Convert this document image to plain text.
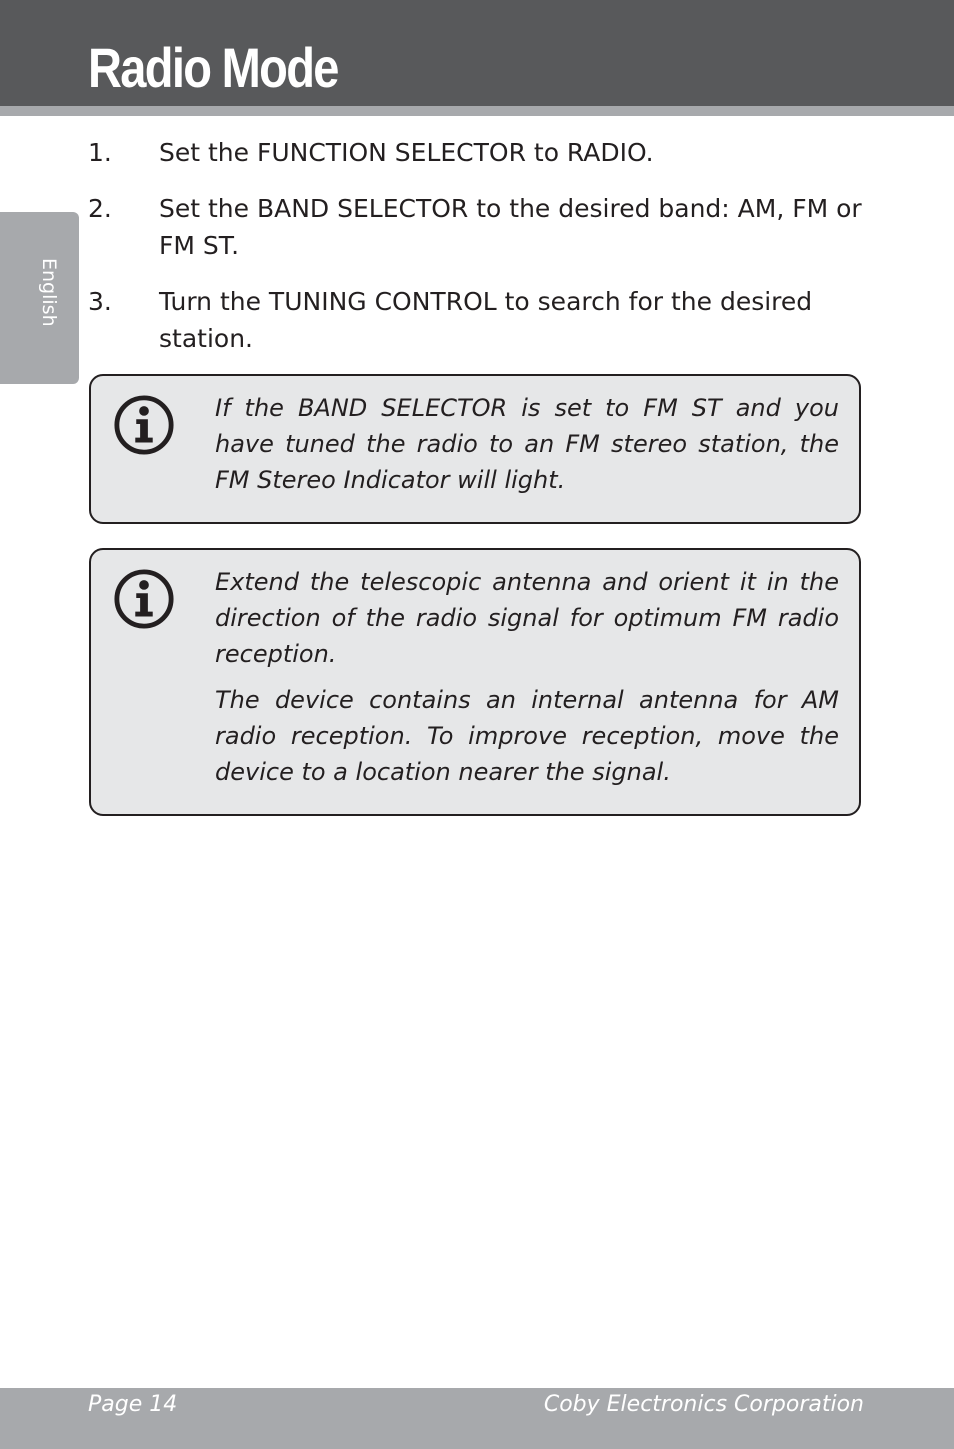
Radio Mode
English
1.	Set the FUNCTION SELECTOR to RADIO.
2.	Set the BAND SELECTOR to the desired band: AM, FM or FM ST.
3.	Turn the TUNING CONTROL to search for the desired station.

If the BAND SELECTOR is set to FM ST and you have tuned the radio to an FM stereo station, the FM Stereo Indicator will light.

Extend the telescopic antenna and orient it in the direction of the radio signal for optimum FM radio reception.

The device contains an internal antenna for AM radio reception. To improve reception, move the device to a location nearer the signal.

Page 14	Coby Electronics Corporation
